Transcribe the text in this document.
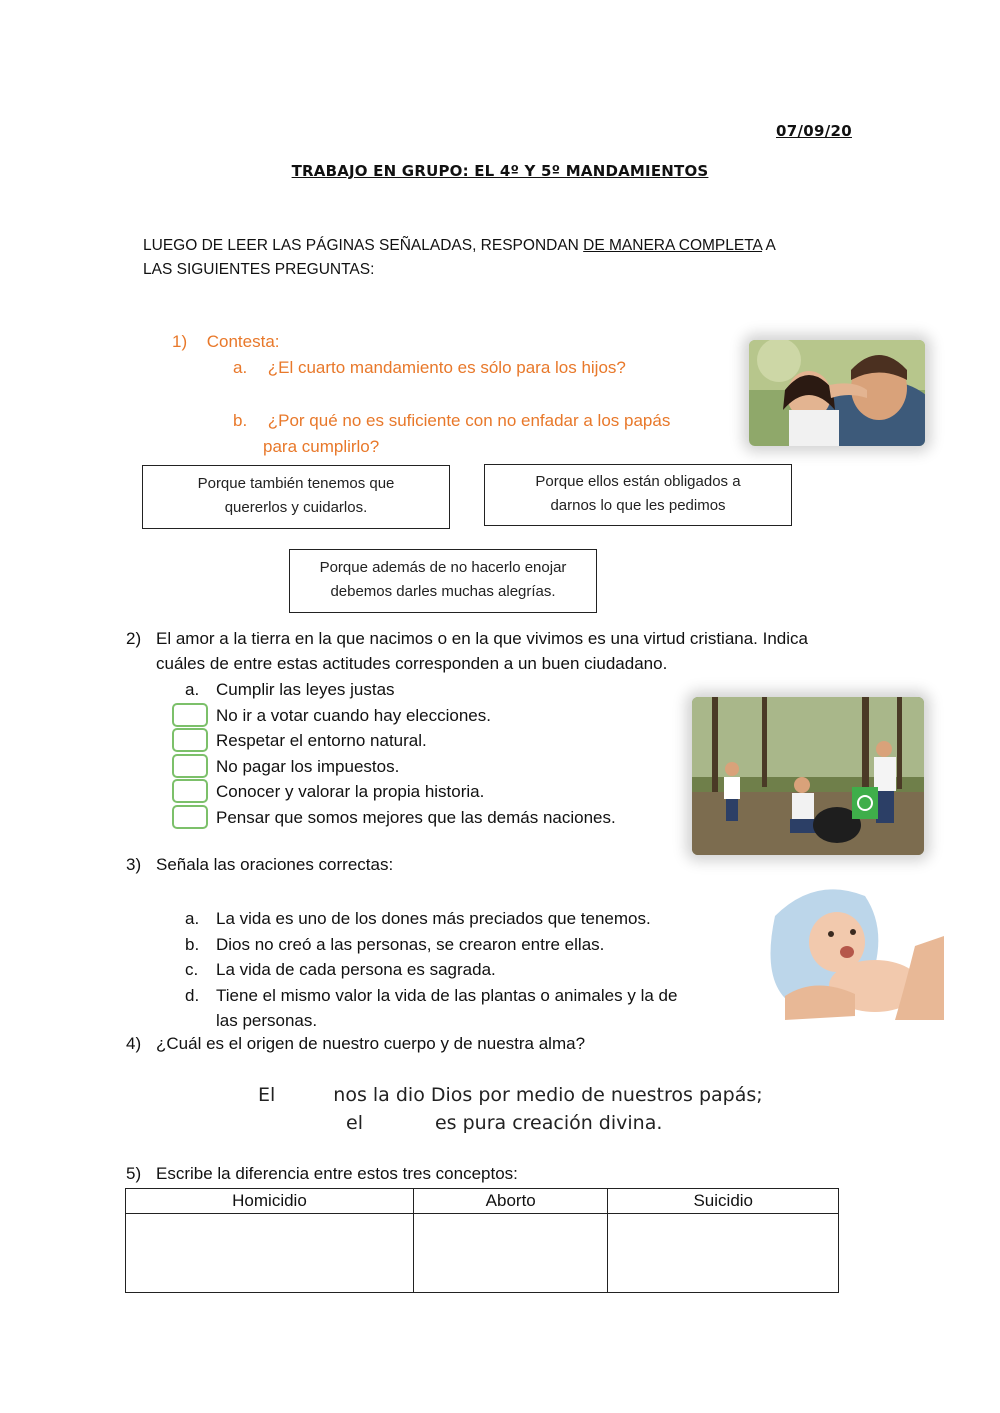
07/09/20
TRABAJO EN GRUPO: EL 4º Y 5º MANDAMIENTOS
LUEGO DE LEER LAS PÁGINAS SEÑALADAS, RESPONDAN DE MANERA COMPLETA A
LAS SIGUIENTES PREGUNTAS:
1) Contesta:
a. ¿El cuarto mandamiento es sólo para los hijos?
b. ¿Por qué no es suficiente con no enfadar a los papás
para cumplirlo?
Porque también tenemos que
quererlos y cuidarlos.
Porque ellos están obligados a
darnos lo que les pedimos
Porque además de no hacerlo enojar
debemos darles muchas alegrías.
2) El amor a la tierra en la que nacimos o en la que vivimos es una virtud cristiana. Indica
cuáles de entre estas actitudes corresponden a un buen ciudadano.
a. Cumplir las leyes justas
No ir a votar cuando hay elecciones.
Respetar el entorno natural.
No pagar los impuestos.
Conocer y valorar la propia historia.
Pensar que somos mejores que las demás naciones.
3) Señala las oraciones correctas:
a. La vida es uno de los dones más preciados que tenemos.
b. Dios no creó a las personas, se crearon entre ellas.
c. La vida de cada persona es sagrada.
d. Tiene el mismo valor la vida de las plantas o animales y la de
las personas.
4) ¿Cuál es el origen de nuestro cuerpo y de nuestra alma?
El	nos la dio Dios por medio de nuestros papás;
el	es pura creación divina.
5) Escribe la diferencia entre estos tres conceptos:
Homicidio	Aborto	Suicidio
